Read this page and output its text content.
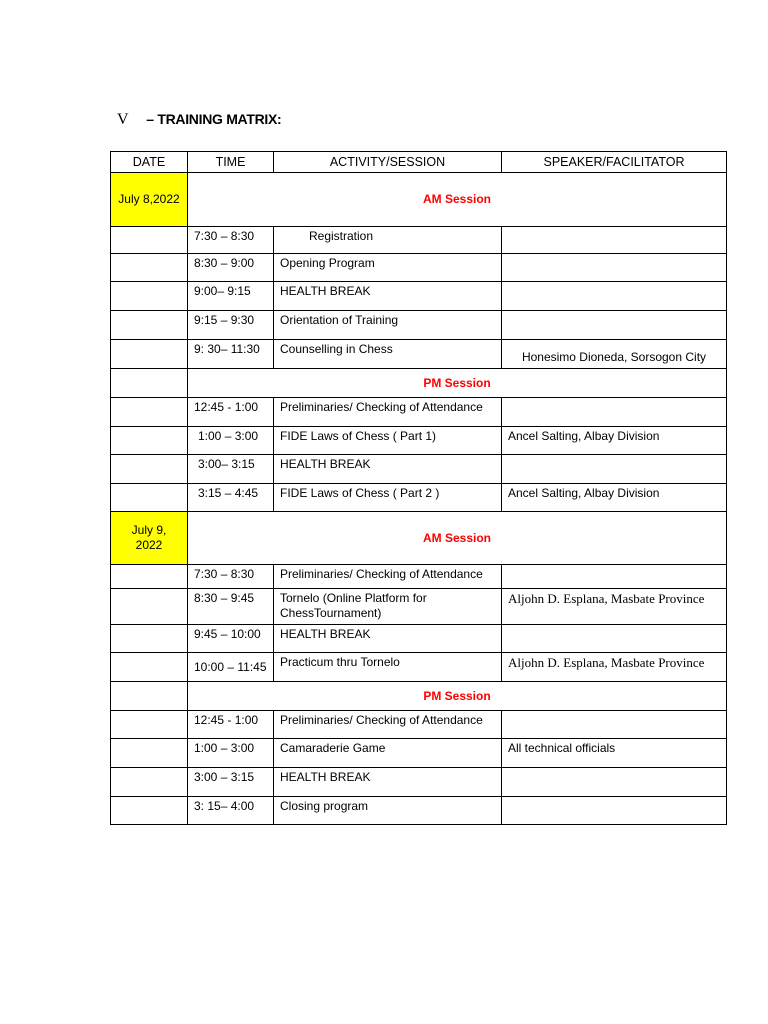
V – TRAINING MATRIX:
DATE	TIME	ACTIVITY/SESSION	SPEAKER/FACILITATOR
July 8,2022	AM Session		
	7:30 – 8:30	Registration	
	8:30 – 9:00	Opening Program	
	9:00– 9:15	HEALTH BREAK	
	9:15 – 9:30	Orientation of Training	
	9: 30– 11:30	Counselling in Chess	Honesimo Dioneda, Sorsogon City
	PM Session		
	12:45 - 1:00	Preliminaries/ Checking of Attendance	
	1:00 – 3:00	FIDE Laws of Chess ( Part 1)	Ancel Salting, Albay Division
	3:00– 3:15	HEALTH BREAK	
	3:15 – 4:45	FIDE Laws of Chess ( Part 2 )	Ancel Salting, Albay Division
July 9, 2022	AM Session		
	7:30 – 8:30	Preliminaries/ Checking of Attendance	
	8:30 – 9:45	Tornelo (Online Platform for ChessTournament)	Aljohn D. Esplana, Masbate Province
	9:45 – 10:00	HEALTH BREAK	
	10:00 – 11:45	Practicum thru Tornelo	Aljohn D. Esplana, Masbate Province
	PM Session		
	12:45 - 1:00	Preliminaries/ Checking of Attendance	
	1:00 – 3:00	Camaraderie Game	All technical officials
	3:00 – 3:15	HEALTH BREAK	
	3: 15– 4:00	Closing program	
